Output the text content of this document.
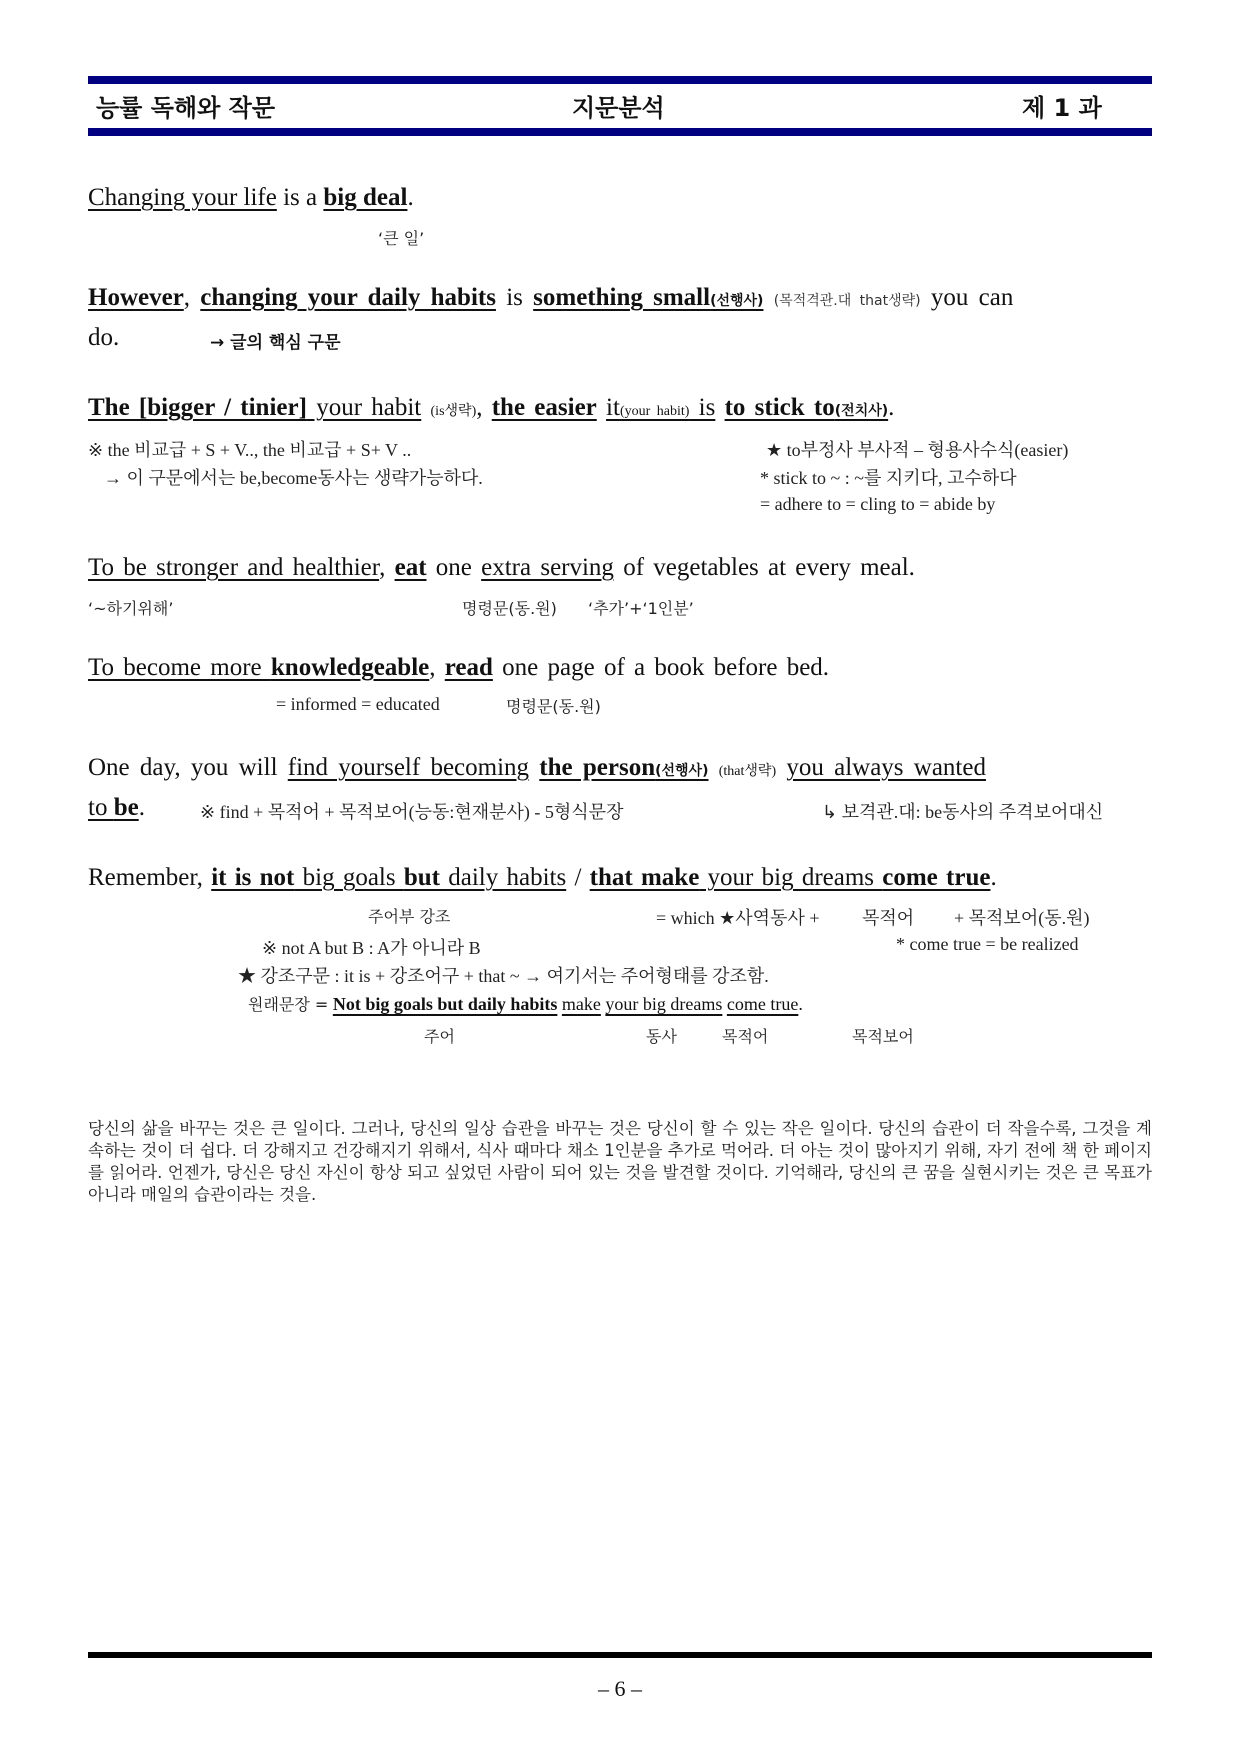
능률 독해와 작문	지문분석	제 1 과
Changing your life is a big deal.
‘큰 일’
However, changing your daily habits is something small(선행사) (목적격관.대 that생략) you can
do.	→ 글의 핵심 구문
The [bigger / tinier] your habit (is생략), the easier it(your habit) is to stick to(전치사).
※ the 비교급 + S + V.., the 비교급 + S+ V ..
→ 이 구문에서는 be,become동사는 생략가능하다.
★ to부정사 부사적 – 형용사수식(easier)
* stick to ~ : ~를 지키다, 고수하다
= adhere to = cling to = abide by
To be stronger and healthier, eat one extra serving of vegetables at every meal.
‘~하기위해’	명령문(동.원) ‘추가’+‘1인분’
To become more knowledgeable, read one page of a book before bed.
= informed = educated	명령문(동.원)
One day, you will find yourself becoming the person(선행사) (that생략) you always wanted
to be.	※ find + 목적어 + 목적보어(능동:현재분사) - 5형식문장	↳ 보격관.대: be동사의 주격보어대신
Remember, it is not big goals but daily habits / that make your big dreams come true.
주어부 강조	= which ★사역동사 + 목적어 + 목적보어(동.원)
※ not A but B : A가 아니라 B	* come true = be realized
★ 강조구문 : it is + 강조어구 + that ~ → 여기서는 주어형태를 강조함.
원래문장 = Not big goals but daily habits make your big dreams come true.
주어	동사	목적어	목적보어
당신의 삶을 바꾸는 것은 큰 일이다. 그러나, 당신의 일상 습관을 바꾸는 것은 당신이 할 수 있는 작은 일이다. 당신의 습관이 더 작을수록, 그것을 계속하는 것이 더 쉽다. 더 강해지고 건강해지기 위해서, 식사 때마다 채소 1인분을 추가로 먹어라. 더 아는 것이 많아지기 위해, 자기 전에 책 한 페이지를 읽어라. 언젠가, 당신은 당신 자신이 항상 되고 싶었던 사람이 되어 있는 것을 발견할 것이다. 기억해라, 당신의 큰 꿈을 실현시키는 것은 큰 목표가 아니라 매일의 습관이라는 것을.
– 6 –
